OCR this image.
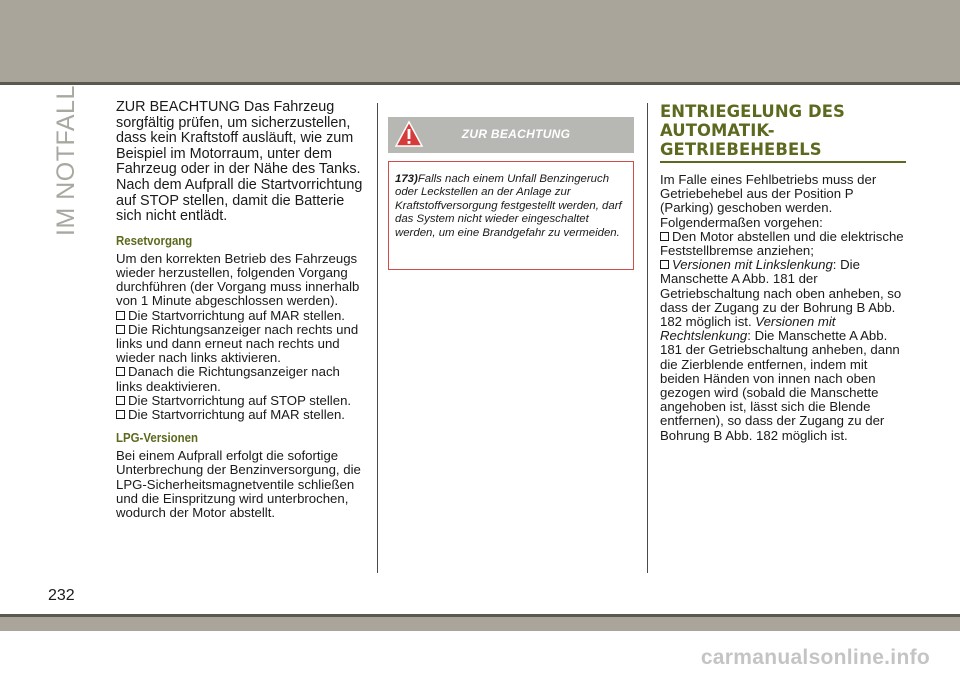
IM NOTFALL	ZUR BEACHTUNG Das Fahrzeug sorgfältig prüfen, um sicherzustellen, dass kein Kraftstoff ausläuft, wie zum Beispiel im Motorraum, unter dem Fahrzeug oder in der Nähe des Tanks. Nach dem Aufprall die Startvorrichtung auf STOP stellen, damit die Batterie sich nicht entlädt.

Resetvorgang

Um den korrekten Betrieb des Fahrzeugs wieder herzustellen, folgenden Vorgang durchführen (der Vorgang muss innerhalb von 1 Minute abgeschlossen werden).

Die Startvorrichtung auf MAR stellen.
Die Richtungsanzeiger nach rechts und links und dann erneut nach rechts und wieder nach links aktivieren.
Danach die Richtungsanzeiger nach links deaktivieren.
Die Startvorrichtung auf STOP stellen.
Die Startvorrichtung auf MAR stellen.
LPG-Versionen

Bei einem Aufprall erfolgt die sofortige Unterbrechung der Benzinversorgung, die LPG-Sicherheitsmagnetventile schließen und die Einspritzung wird unterbrochen, wodurch der Motor abstellt.

ZUR BEACHTUNG

173)Falls nach einem Unfall Benzingeruch oder Leckstellen an der Anlage zur Kraftstoffversorgung festgestellt werden, darf das System nicht wieder eingeschaltet werden, um eine Brandgefahr zu vermeiden.

ENTRIEGELUNG DES
AUTOMATIK-
GETRIEBEHEBELS

Im Falle eines Fehlbetriebs muss der Getriebehebel aus der Position P (Parking) geschoben werden. Folgendermaßen vorgehen:

Den Motor abstellen und die elektrische Feststellbremse anziehen;
Versionen mit Linkslenkung: Die Manschette A Abb. 181 der Getriebschaltung nach oben anheben, so dass der Zugang zu der Bohrung B Abb. 182 möglich ist. Versionen mit Rechtslenkung: Die Manschette A Abb. 181 der Getriebschaltung anheben, dann die Zierblende entfernen, indem mit beiden Händen von innen nach oben gezogen wird (sobald die Manschette angehoben ist, lässt sich die Blende entfernen), so dass der Zugang zu der Bohrung B Abb. 182 möglich ist.
232
carmanualsonline.info
